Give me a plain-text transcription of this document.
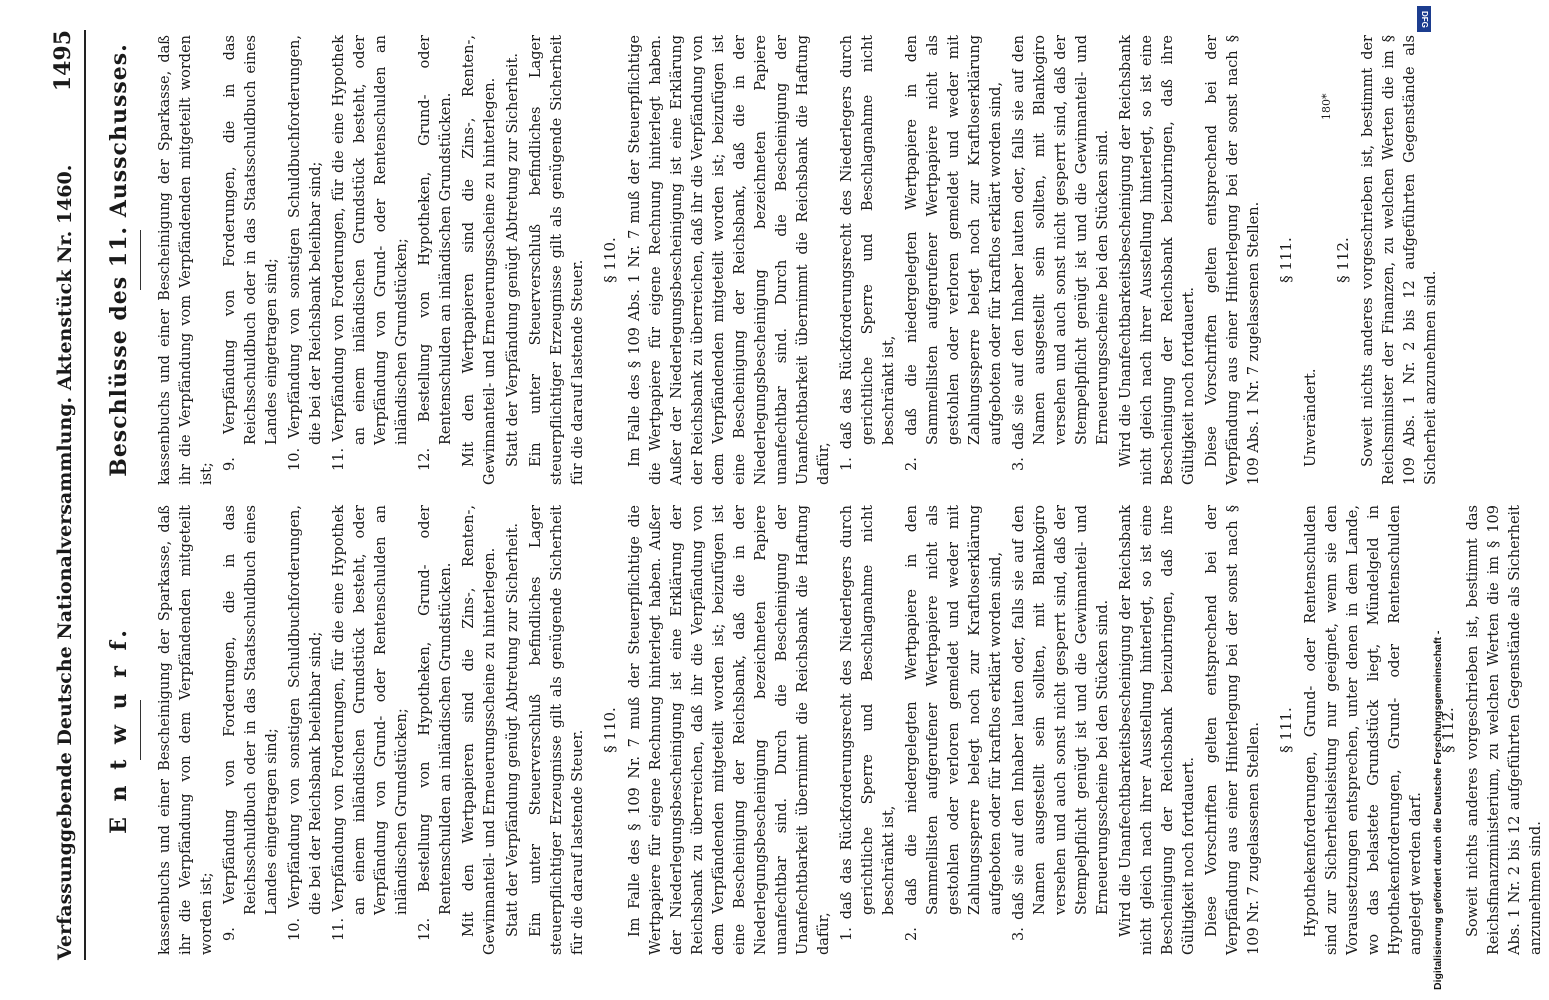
Verfassunggebende Deutsche Nationalversammlung. Aktenstück Nr. 1460.
1495
E n t w u r f. kassenbuchs und einer Bescheinigung der Sparkasse, daß ihr die Verpfändung von dem Verpfändenden mitgeteilt worden ist; 9. Verpfändung von Forderungen, die in das Reichsschuldbuch oder in das Staatsschuldbuch eines Landes eingetragen sind; 10. Verpfändung von sonstigen Schuldbuchforderungen, die bei der Reichsbank beleihbar sind; 11. Verpfändung von Forderungen, für die eine Hypothek an einem inländischen Grundstück besteht, oder Verpfändung von Grund- oder Rentenschulden an inländischen Grundstücken; 12. Bestellung von Hypotheken, Grund- oder Rentenschulden an inländischen Grundstücken. Mit den Wertpapieren sind die Zins-, Renten-, Gewinnanteil- und Erneuerungsscheine zu hinterlegen. Statt der Verpfändung genügt Abtretung zur Sicherheit. Ein unter Steuerverschluß befindliches Lager steuerpflichtiger Erzeugnisse gilt als genügende Sicherheit für die darauf lastende Steuer. § 110. Im Falle des § 109 Nr. 7 muß der Steuerpflichtige die Wertpapiere für eigene Rechnung hinterlegt haben. Außer der Niederlegungsbescheinigung ist eine Erklärung der Reichsbank zu überreichen, daß ihr die Verpfändung von dem Verpfändenden mitgeteilt worden ist; beizufügen ist eine Bescheinigung der Reichsbank, daß die in der Niederlegungsbescheinigung bezeichneten Papiere unanfechtbar sind. Durch die Bescheinigung der Unanfechtbarkeit übernimmt die Reichsbank die Haftung dafür, 1. daß das Rückforderungsrecht des Niederlegers durch gerichtliche Sperre und Beschlagnahme nicht beschränkt ist, 2. daß die niedergelegten Wertpapiere in den Sammellisten aufgerufener Wertpapiere nicht als gestohlen oder verloren gemeldet und weder mit Zahlungssperre belegt noch zur Kraftloserklärung aufgeboten oder für kraftlos erklärt worden sind, 3. daß sie auf den Inhaber lauten oder, falls sie auf den Namen ausgestellt sein sollten, mit Blankogiro versehen und auch sonst nicht gesperrt sind, daß der Stempelpflicht genügt ist und die Gewinnanteil- und Erneuerungsscheine bei den Stücken sind. Wird die Unanfechtbarkeitsbescheinigung der Reichsbank nicht gleich nach ihrer Ausstellung hinterlegt, so ist eine Bescheinigung der Reichsbank beizubringen, daß ihre Gültigkeit noch fortdauert. Diese Vorschriften gelten entsprechend bei der Verpfändung aus einer Hinterlegung bei der sonst nach § 109 Nr. 7 zugelassenen Stellen. § 111. Hypothekenforderungen, Grund- oder Rentenschulden sind zur Sicherheitsleistung nur geeignet, wenn sie den Voraussetzungen entsprechen, unter denen in dem Lande, wo das belastete Grundstück liegt, Mündelgeld in Hypothekenforderungen, Grund- oder Rentenschulden angelegt werden darf.

§ 112. Soweit nichts anderes vorgeschrieben ist, bestimmt das Reichsfinanzministerium, zu welchen Werten die im § 109 Abs. 1 Nr. 2 bis 12 aufgeführten Gegenstände als Sicherheit anzunehmen sind.

Beschlüsse des 11. Ausschusses. kassenbuchs und einer Bescheinigung der Sparkasse, daß ihr die Verpfändung vom Verpfändenden mitgeteilt worden ist;

9. Verpfändung von Forderungen, die in das Reichsschuldbuch oder in das Staatsschuldbuch eines Landes eingetragen sind; 10. Verpfändung von sonstigen Schuldbuchforderungen, die bei der Reichsbank beleihbar sind; 11. Verpfändung von Forderungen, für die eine Hypothek an einem inländischen Grundstück besteht, oder Verpfändung von Grund- oder Rentenschulden an inländischen Grundstücken; 12. Bestellung von Hypotheken, Grund- oder Rentenschulden an inländischen Grundstücken. Mit den Wertpapieren sind die Zins-, Renten-, Gewinnanteil- und Erneuerungsscheine zu hinterlegen. Statt der Verpfändung genügt Abtretung zur Sicherheit. Ein unter Steuerverschluß befindliches Lager steuerpflichtiger Erzeugnisse gilt als genügende Sicherheit für die darauf lastende Steuer. § 110. Im Falle des § 109 Abs. 1 Nr. 7 muß der Steuerpflichtige die Wertpapiere für eigene Rechnung hinterlegt haben. Außer der Niederlegungsbescheinigung ist eine Erklärung der Reichsbank zu überreichen, daß ihr die Verpfändung von dem Verpfändenden mitgeteilt worden ist; beizufügen ist eine Bescheinigung der Reichsbank, daß die in der Niederlegungsbescheinigung bezeichneten Papiere unanfechtbar sind. Durch die Bescheinigung der Unanfechtbarkeit übernimmt die Reichsbank die Haftung dafür, 1. daß das Rückforderungsrecht des Niederlegers durch gerichtliche Sperre und Beschlagnahme nicht beschränkt ist, 2. daß die niedergelegten Wertpapiere in den Sammellisten aufgerufener Wertpapiere nicht als gestohlen oder verloren gemeldet und weder mit Zahlungssperre belegt noch zur Kraftloserklärung aufgeboten oder für kraftlos erklärt worden sind, 3. daß sie auf den Inhaber lauten oder, falls sie auf den Namen ausgestellt sein sollten, mit Blankogiro versehen und auch sonst nicht gesperrt sind, daß der Stempelpflicht genügt ist und die Gewinnanteil- und Erneuerungsscheine bei den Stücken sind. Wird die Unanfechtbarkeitsbescheinigung der Reichsbank nicht gleich nach ihrer Ausstellung hinterlegt, so ist eine Bescheinigung der Reichsbank beizubringen, daß ihre Gültigkeit noch fortdauert. Diese Vorschriften gelten entsprechend bei der Verpfändung aus einer Hinterlegung bei der sonst nach § 109 Abs. 1 Nr. 7 zugelassenen Stellen. § 111.

Unverändert.

§ 112. Soweit nichts anderes vorgeschrieben ist, bestimmt der Reichsminister der Finanzen, zu welchen Werten die im § 109 Abs. 1 Nr. 2 bis 12 aufgeführten Gegenstände als Sicherheit anzunehmen sind.

180*
DFG
Digitalisierung gefördert durch die Deutsche Forschungsgemeinschaft -
